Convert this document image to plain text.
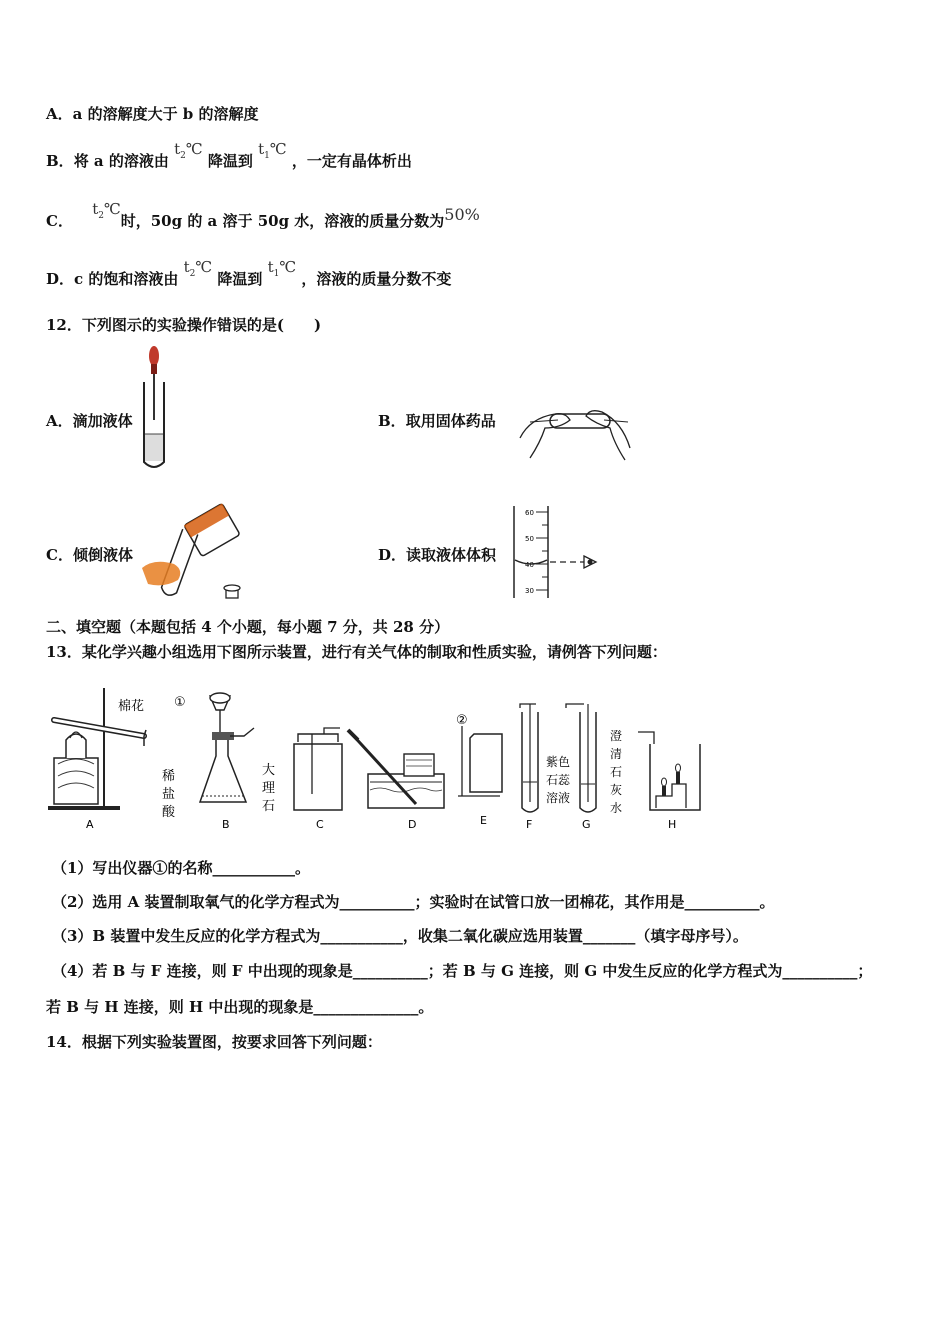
A．a 的溶解度大于 b 的溶解度
B．将 a 的溶液由 $t_2℃$ 降温到 $t_1℃$ ，一定有晶体析出
C． $t_2℃$时，50g 的 a 溶于 50g 水，溶液的质量分数为50%
D．c 的饱和溶液由 $t_2℃$ 降温到 $t_1℃$ ，溶液的质量分数不变
12．下列图示的实验操作错误的是(　　)
A．滴加液体	B．取用固体药品
C．倾倒液体	D．读取液体体积
60
50
40
30
二、填空题（本题包括 4 个小题，每小题 7 分，共 28 分）
13．某化学兴趣小组选用下图所示装置，进行有关气体的制取和性质实验，请例答下列问题：
棉花
A
①
稀
盐
酸
大
理
石
B	C	D
②
E
紫色
石蕊
溶液
F
澄
清
石
灰
水
G	H
（1）写出仪器①的名称___________。
（2）选用 A 装置制取氧气的化学方程式为__________；实验时在试管口放一团棉花，其作用是__________。
（3）B 装置中发生反应的化学方程式为___________，收集二氧化碳应选用装置_______（填字母序号）。
（4）若 B 与 F 连接，则 F 中出现的现象是__________；若 B 与 G 连接，则 G 中发生反应的化学方程式为__________；
若 B 与 H 连接，则 H 中出现的现象是______________。
14．根据下列实验装置图，按要求回答下列问题：
